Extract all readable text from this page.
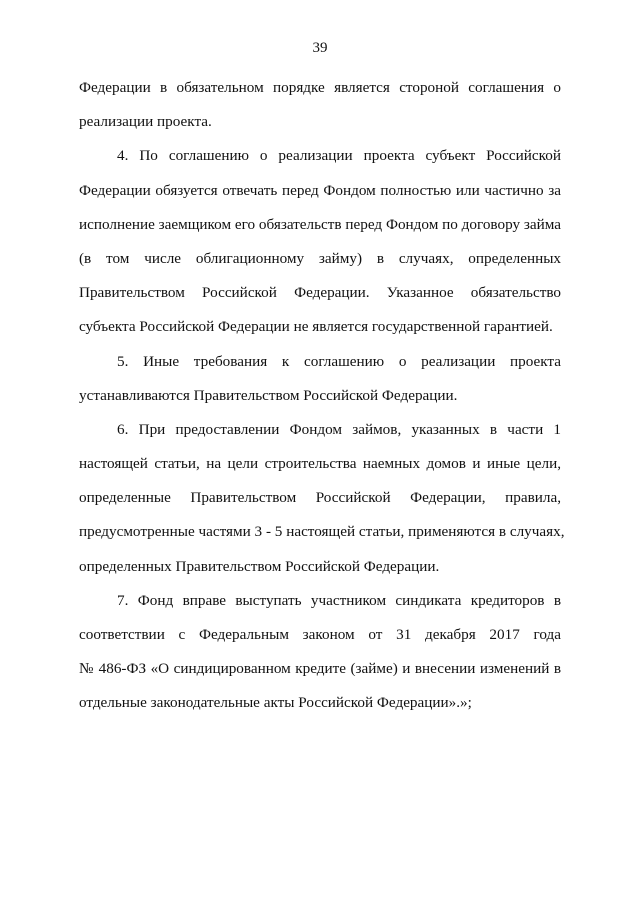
39
Федерации в обязательном порядке является стороной соглашения о
реализации проекта.
4. По соглашению о реализации проекта субъект Российской
Федерации обязуется отвечать перед Фондом полностью или частично за
исполнение заемщиком его обязательств перед Фондом по договору займа
(в том числе облигационному займу) в случаях, определенных
Правительством Российской Федерации. Указанное обязательство
субъекта Российской Федерации не является государственной гарантией.
5. Иные требования к соглашению о реализации проекта
устанавливаются Правительством Российской Федерации.
6. При предоставлении Фондом займов, указанных в части 1
настоящей статьи, на цели строительства наемных домов и иные цели,
определенные Правительством Российской Федерации, правила,
предусмотренные частями 3 - 5 настоящей статьи, применяются в случаях,
определенных Правительством Российской Федерации.
7. Фонд вправе выступать участником синдиката кредиторов в
соответствии с Федеральным законом от 31 декабря 2017 года
№ 486-ФЗ «О синдицированном кредите (займе) и внесении изменений в
отдельные законодательные акты Российской Федерации».»;
